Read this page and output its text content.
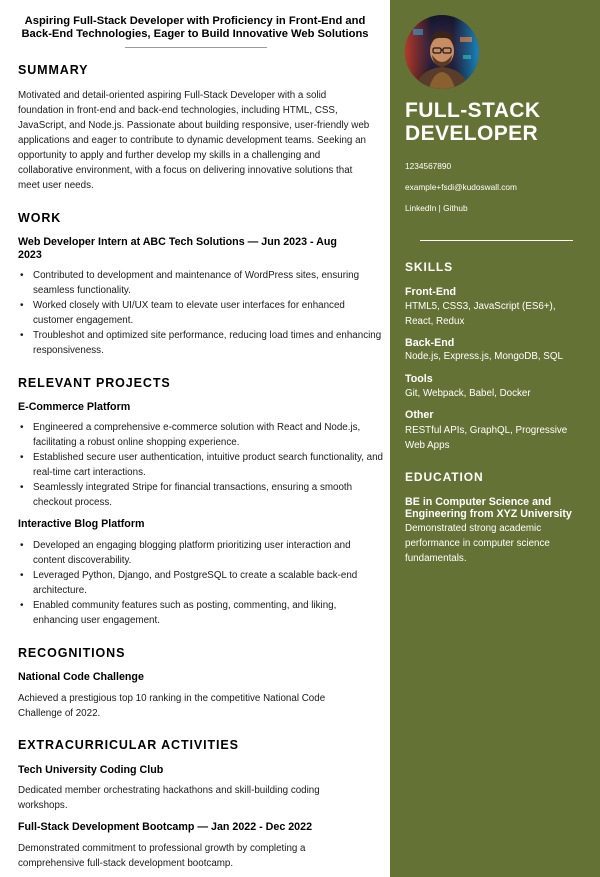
Aspiring Full-Stack Developer with Proficiency in Front-End and Back-End Technologies, Eager to Build Innovative Web Solutions

SUMMARY

Motivated and detail-oriented aspiring Full-Stack Developer with a solid foundation in front-end and back-end technologies, including HTML, CSS, JavaScript, and Node.js. Passionate about building responsive, user-friendly web applications and eager to contribute to dynamic development teams. Seeking an opportunity to apply and further develop my skills in a challenging and collaborative environment, with a focus on delivering innovative solutions that meet user needs.

WORK

Web Developer Intern at ABC Tech Solutions — Jun 2023 - Aug 2023

• Contributed to development and maintenance of WordPress sites, ensuring seamless functionality.
• Worked closely with UI/UX team to elevate user interfaces for enhanced customer engagement.
• Troubleshot and optimized site performance, reducing load times and enhancing responsiveness.
RELEVANT PROJECTS

E-Commerce Platform

• Engineered a comprehensive e-commerce solution with React and Node.js, facilitating a robust online shopping experience.
• Established secure user authentication, intuitive product search functionality, and real-time cart interactions.
• Seamlessly integrated Stripe for financial transactions, ensuring a smooth checkout process.

Interactive Blog Platform

• Developed an engaging blogging platform prioritizing user interaction and content discoverability.
• Leveraged Python, Django, and PostgreSQL to create a scalable back-end architecture.
• Enabled community features such as posting, commenting, and liking, enhancing user engagement.
RECOGNITIONS

National Code Challenge

Achieved a prestigious top 10 ranking in the competitive National Code Challenge of 2022.

EXTRACURRICULAR ACTIVITIES

Tech University Coding Club

Dedicated member orchestrating hackathons and skill-building coding workshops.

Full-Stack Development Bootcamp — Jan 2022 - Dec 2022

Demonstrated commitment to professional growth by completing a comprehensive full-stack development bootcamp.

FULL-STACK
DEVELOPER

1234567890

example+fsdi@kudoswall.com

LinkedIn | Github

SKILLS

Front-End

HTML5, CSS3, JavaScript (ES6+), React, Redux

Back-End

Node.js, Express.js, MongoDB, SQL

Tools

Git, Webpack, Babel, Docker

Other

RESTful APIs, GraphQL, Progressive Web Apps

EDUCATION

BE in Computer Science and Engineering from XYZ University

Demonstrated strong academic performance in computer science fundamentals.
